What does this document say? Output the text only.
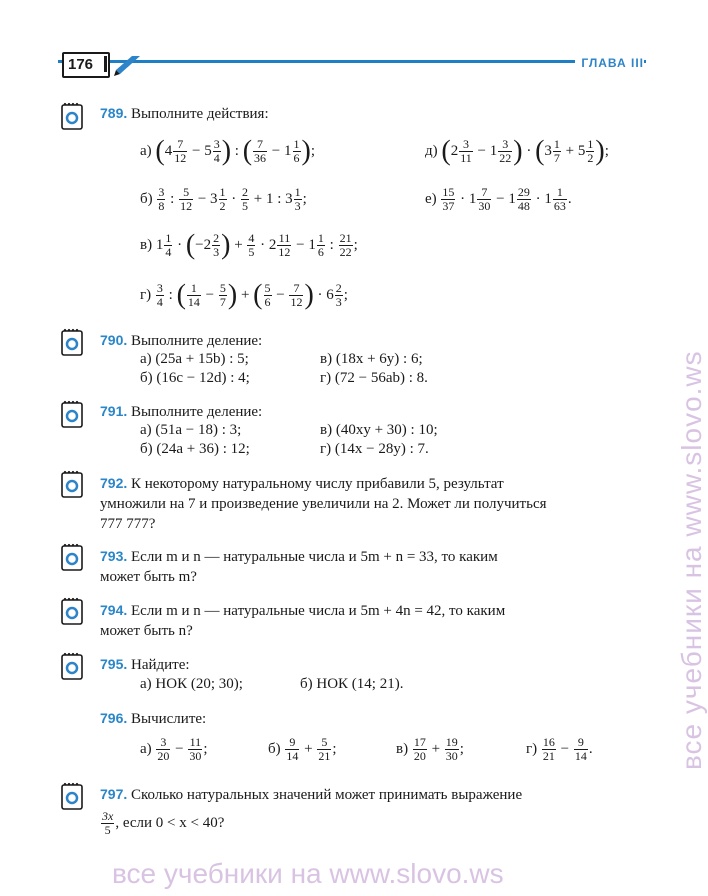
176	ГЛАВА III
все учебники на www.slovo.ws
все учебники на www.slovo.ws
789. Выполните действия:
а) ($4 \frac{7}{12} - 5 \frac{3}{4}$ ) : ( $\frac{7}{36} - 1 \frac{1}{6}$ );	д) ($2 \frac{3}{11} - 1 \frac{3}{22}$ ) · ($3 \frac{1}{7} + 5 \frac{1}{2}$ );
$б) \frac{3}{8}$ : $\frac{5}{12} - 3 \frac{1}{2} \cdot \frac{2}{5} + 1$ : $3 \frac{1}{3}$ ;	$е) \frac{15}{37} \cdot 1 \frac{7}{30} - 1 \frac{29}{48} \cdot 1 \frac{1}{63}$ .
в) $1 \frac{1}{4} \cdot (-2 \frac{2}{3}$ ) + $\frac{4}{5} \cdot 2 \frac{11}{12} - 1 \frac{1}{6}$ : $\frac{21}{22}$ ;
$г) \frac{3}{4}$ : ( $\frac{1}{14} - \frac{5}{7}$ ) + ( $\frac{5}{6} - \frac{7}{12}$ ) · $6 \frac{2}{3}$ ;
790. Выполните деление:
а) (25a + 15b) : 5;	в) (18x + 6y) : 6;
б) (16c − 12d) : 4;	г) (72 − 56ab) : 8.
791. Выполните деление:
а) (51a − 18) : 3;	в) (40xy + 30) : 10;
б) (24a + 36) : 12;	г) (14x − 28y) : 7.
792. К некоторому натуральному числу прибавили 5, результат
умножили на 7 и произведение увеличили на 2. Может ли получиться
777 777?
793. Если m и n — натуральные числа и 5m + n = 33, то каким
может быть m?
794. Если m и n — натуральные числа и 5m + 4n = 42, то каким
может быть n?
795. Найдите:
а) НОК (20; 30);	б) НОК (14; 21).
796. Вычислите:
$а) \frac{3}{20} - \frac{11}{30}$ ;	$б) \frac{9}{14} + \frac{5}{21}$ ;	$в) \frac{17}{20} + \frac{19}{30}$ ;	$г) \frac{16}{21} - \frac{9}{14}$ .
797. Сколько натуральных значений может принимать выражение
$\frac{3x}{5}$ , если 0 < x < 40?
